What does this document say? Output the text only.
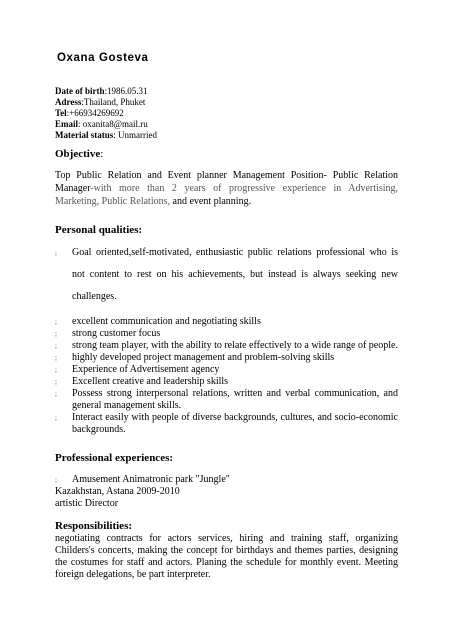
Oxana Gosteva
Date of birth:1986.05.31
Adress:Thailand, Phuket
Tel:+66934269692
Email: oxanita8@mail.ru
Material status: Unmarried
Objective:
Top Public Relation and Event planner Management Position- Public Relation Manager-with more than 2 years of progressive experience in Advertising, Marketing, Public Relations, and event planning.
Personal qualities:
;	Goal oriented,self-motivated, enthusiastic public relations professional who is not content to rest on his achievements, but instead is always seeking new challenges.
;	excellent communication and negotiating skills
;	strong customer focus
;	strong team player, with the ability to relate effectively to a wide range of people.
;	highly developed project management and problem-solving skills
;	Experience of Advertisement agency
;	Excellent creative and leadership skills
;	Possess strong interpersonal relations, written and verbal communication, and general management skills.
;	Interact easily with people of diverse backgrounds, cultures, and socio-economic backgrounds.
Professional experiences:
;	Amusement Animatronic park "Jungle"
Kazakhstan, Astana 2009-2010
artistic Director
Responsibilities:
negotiating contracts for actors services, hiring and training staff, organizing Childers's concerts, making the concept for birthdays and themes parties, designing the costumes for staff and actors. Planing the schedule for monthly event. Meeting foreign delegations, be part interpreter.
